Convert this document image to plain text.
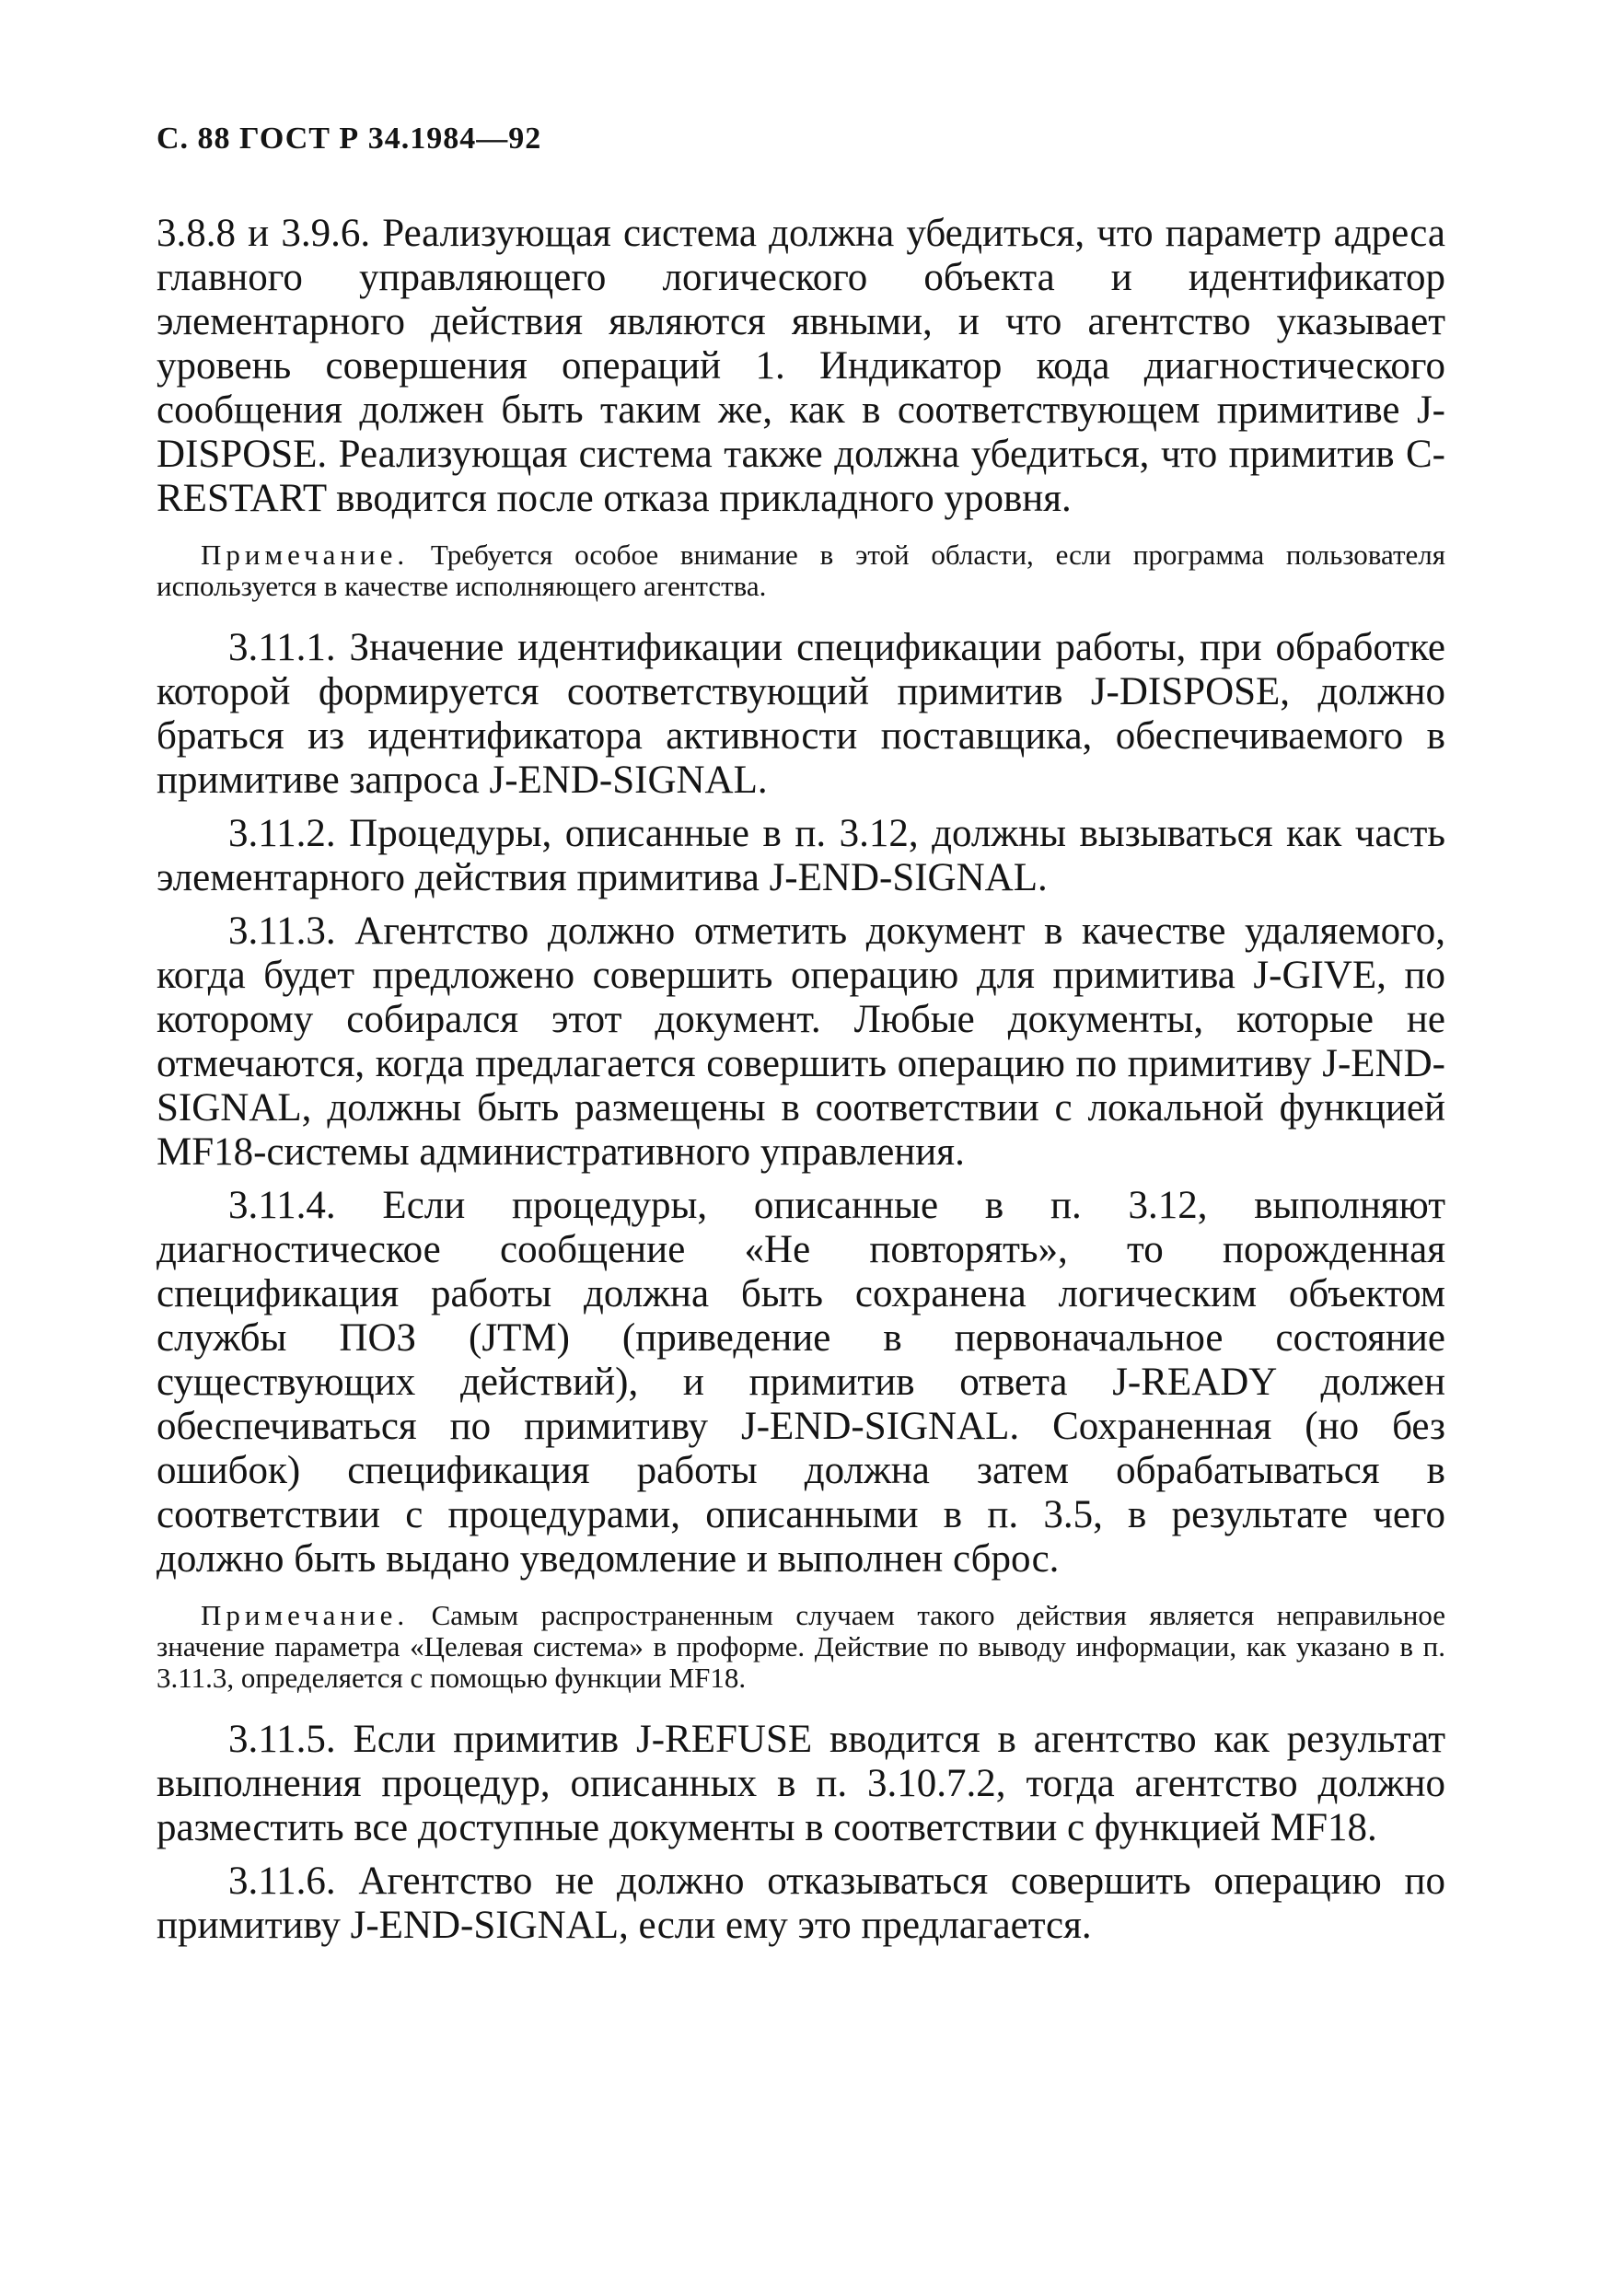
С. 88 ГОСТ Р 34.1984—92

3.8.8 и 3.9.6. Реализующая система должна убедиться, что параметр адреса главного управляющего логического объекта и идентификатор элементарного действия являются явными, и что агентство указывает уровень совершения операций 1. Индикатор кода диагностического сообщения должен быть таким же, как в соответствующем примитиве J-DISPOSE. Реализующая система также должна убедиться, что примитив C-RESTART вводится после отказа прикладного уровня.

Примечание. Требуется особое внимание в этой области, если программа пользователя используется в качестве исполняющего агентства.

3.11.1. Значение идентификации спецификации работы, при обработке которой формируется соответствующий примитив J-DISPOSE, должно браться из идентификатора активности поставщика, обеспечиваемого в примитиве запроса J-END-SIGNAL.

3.11.2. Процедуры, описанные в п. 3.12, должны вызываться как часть элементарного действия примитива J-END-SIGNAL.

3.11.3. Агентство должно отметить документ в качестве удаляемого, когда будет предложено совершить операцию для примитива J-GIVE, по которому собирался этот документ. Любые документы, которые не отмечаются, когда предлагается совершить операцию по примитиву J-END-SIGNAL, должны быть размещены в соответствии с локальной функцией MF18-системы административного управления.

3.11.4. Если процедуры, описанные в п. 3.12, выполняют диагностическое сообщение «Не повторять», то порожденная спецификация работы должна быть сохранена логическим объектом службы ПОЗ (JTM) (приведение в первоначальное состояние существующих действий), и примитив ответа J-READY должен обеспечиваться по примитиву J-END-SIGNAL. Сохраненная (но без ошибок) спецификация работы должна затем обрабатываться в соответствии с процедурами, описанными в п. 3.5, в результате чего должно быть выдано уведомление и выполнен сброс.

Примечание. Самым распространенным случаем такого действия является неправильное значение параметра «Целевая система» в проформе. Действие по выводу информации, как указано в п. 3.11.3, определяется с помощью функции MF18.

3.11.5. Если примитив J-REFUSE вводится в агентство как результат выполнения процедур, описанных в п. 3.10.7.2, тогда агентство должно разместить все доступные документы в соответствии с функцией MF18.

3.11.6. Агентство не должно отказываться совершить операцию по примитиву J-END-SIGNAL, если ему это предлагается.
